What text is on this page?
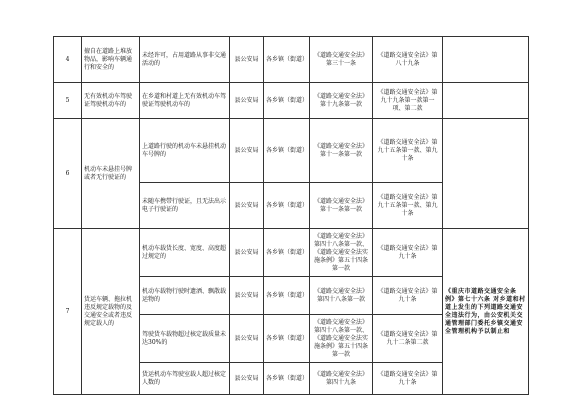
4	擅自在道路上堆放物品，影响车辆通行和安全的	未经许可，占用道路从事非交通活动的	县公安局	各乡镇（街道）	《道路交通安全法》第三十一条	《道路交通安全法》第八十九条	
5	无有效机动车驾驶证驾驶机动车的	在乡道和村道上无有效机动车驾驶证驾驶机动车的	县公安局	各乡镇（街道）	《道路交通安全法》第十九条第一款	《道路交通安全法》第九十九条第一款第一项、第二款	
6	机动车未悬挂号牌或者无行驶证的	上道路行驶的机动车未悬挂机动车号牌的	县公安局	各乡镇（街道）	《道路交通安全法》第十一条第一款	《道路交通安全法》第九十五条第一款、第九十条	
		未随车携带行驶证，且无法出示电子行驶证的	县公安局	各乡镇（街道）	《道路交通安全法》第十一条第一款	《道路交通安全法》第九十五条第一款、第九十条	
7	货运车辆、拖拉机违反规定载物的及交通安全或者违反规定载人的	机动车载货长度、宽度、高度超过规定的	县公安局	各乡镇（街道）	《道路交通安全法》第四十八条第一款、《道路交通安全法实施条例》第五十四条第一款	《道路交通安全法》第九十条	《重庆市道路交通安全条例》第七十六条 对乡道和村道上发生的下列道路交通安全违法行为，由公安机关交通管理部门委托乡镇交通安全管理机构予以制止和
		机动车载物行驶时遗洒、飘散载运物的	县公安局	各乡镇（街道）	《道路交通安全法》第四十八条第一款	《道路交通安全法》第九十条	
		驾驶货车载物超过核定载质量未达30%的	县公安局	各乡镇（街道）	《道路交通安全法》第四十八条第一款、《道路交通安全法实施条例》第五十四条第一款	《道路交通安全法》第九十二条第二款	
		货运机动车驾驶室载人超过核定人数的	县公安局	各乡镇（街道）	《道路交通安全法》第四十九条	《道路交通安全法》第九十条	
